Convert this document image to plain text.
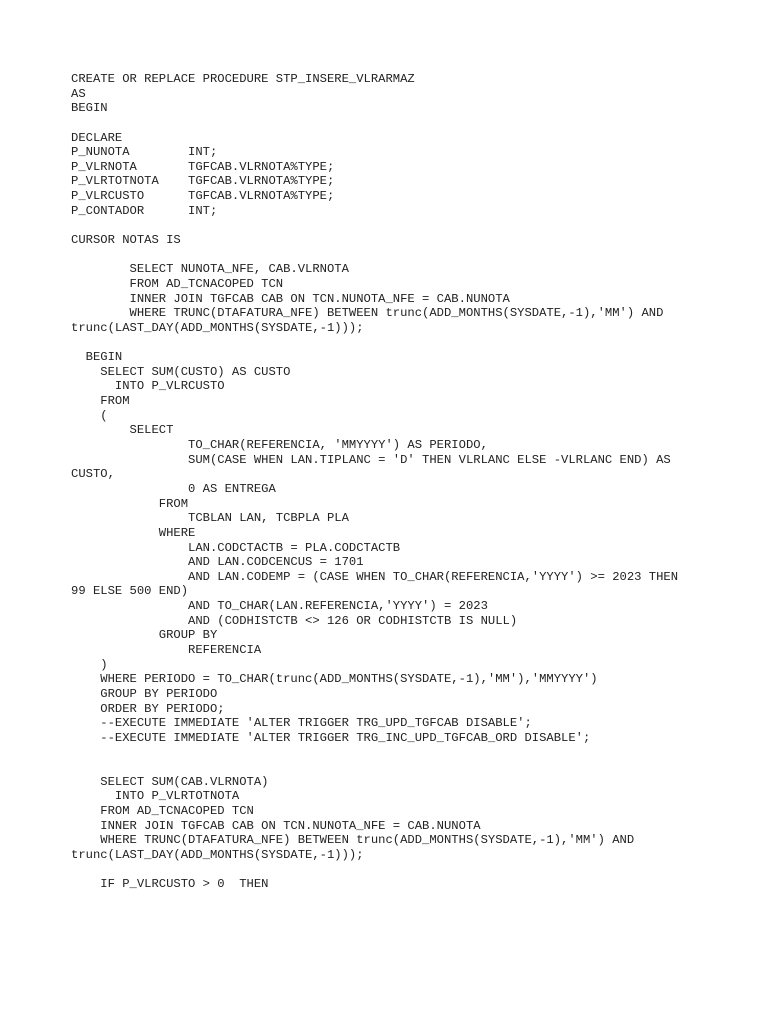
CREATE OR REPLACE PROCEDURE STP_INSERE_VLRARMAZ
AS
BEGIN
DECLARE
P_NUNOTA        INT;
P_VLRNOTA       TGFCAB.VLRNOTA%TYPE;
P_VLRTOTNOTA    TGFCAB.VLRNOTA%TYPE;
P_VLRCUSTO      TGFCAB.VLRNOTA%TYPE;
P_CONTADOR      INT;
CURSOR NOTAS IS
SELECT NUNOTA_NFE, CAB.VLRNOTA
FROM AD_TCNACOPED TCN
INNER JOIN TGFCAB CAB ON TCN.NUNOTA_NFE = CAB.NUNOTA
WHERE TRUNC(DTAFATURA_NFE) BETWEEN trunc(ADD_MONTHS(SYSDATE,-1),'MM') AND
trunc(LAST_DAY(ADD_MONTHS(SYSDATE,-1)));
BEGIN
SELECT SUM(CUSTO) AS CUSTO
INTO P_VLRCUSTO
FROM
(
SELECT
TO_CHAR(REFERENCIA, 'MMYYYY') AS PERIODO,
SUM(CASE WHEN LAN.TIPLANC = 'D' THEN VLRLANC ELSE -VLRLANC END) AS
CUSTO,
0 AS ENTREGA
FROM
TCBLAN LAN, TCBPLA PLA
WHERE
LAN.CODCTACTB = PLA.CODCTACTB
AND LAN.CODCENCUS = 1701
AND LAN.CODEMP = (CASE WHEN TO_CHAR(REFERENCIA,'YYYY') >= 2023 THEN
99 ELSE 500 END)
AND TO_CHAR(LAN.REFERENCIA,'YYYY') = 2023
AND (CODHISTCTB <> 126 OR CODHISTCTB IS NULL)
GROUP BY
REFERENCIA
)
WHERE PERIODO = TO_CHAR(trunc(ADD_MONTHS(SYSDATE,-1),'MM'),'MMYYYY')
GROUP BY PERIODO
ORDER BY PERIODO;
--EXECUTE IMMEDIATE 'ALTER TRIGGER TRG_UPD_TGFCAB DISABLE';
--EXECUTE IMMEDIATE 'ALTER TRIGGER TRG_INC_UPD_TGFCAB_ORD DISABLE';
SELECT SUM(CAB.VLRNOTA)
INTO P_VLRTOTNOTA
FROM AD_TCNACOPED TCN
INNER JOIN TGFCAB CAB ON TCN.NUNOTA_NFE = CAB.NUNOTA
WHERE TRUNC(DTAFATURA_NFE) BETWEEN trunc(ADD_MONTHS(SYSDATE,-1),'MM') AND
trunc(LAST_DAY(ADD_MONTHS(SYSDATE,-1)));
IF P_VLRCUSTO > 0  THEN
